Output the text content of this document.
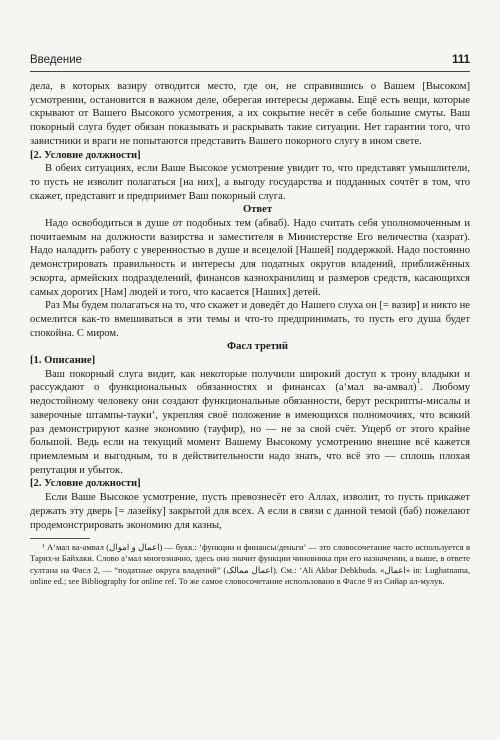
Введение	111

дела, в которых вазиру отводится место, где он, не справившись о Вашем [Высоком] усмотрении, остановится в важном деле, оберегая интересы державы. Ещё есть вещи, которые скрывают от Вашего Высокого усмотрения, а их сокрытие несёт в себе большие смуты. Ваш покорный слуга будет обязан показывать и раскрывать такие ситуации. Нет гарантии того, что завистники и враги не попытаются представить Вашего покорного слугу в ином свете.

[2. Условие должности]

В обеих ситуациях, если Ваше Высокое усмотрение увидит то, что представят умышлители, то пусть не изволит полагаться [на них], а выгоду государства и подданных сочтёт в том, что скажет, представит и предприимет Ваш покорный слуга.

Ответ

Надо освободиться в душе от подобных тем (абваб). Надо считать себя уполномоченным и почитаемым на должности вазирства и заместителя в Министерстве Его величества (хазрат). Надо наладить работу с уверенностью в душе и всецелой [Нашей] поддержкой. Надо постоянно демонстрировать правильность и интересы для податных округов владений, приближённых эскорта, армейских подразделений, финансов казнохранилищ и размеров средств, касающихся самых дорогих [Нам] людей и того, что касается [Наших] детей.

Раз Мы будем полагаться на то, что скажет и доведёт до Нашего слуха он [= вазир] и никто не осмелится как-то вмешиваться в эти темы и что-то предпринимать, то пусть его душа будет спокойна. С миром.

Фасл третий

[1. Описание]

Ваш покорный слуга видит, как некоторые получили широкий доступ к трону владыки и рассуждают о функциональных обязанностях и финансах (а‘мал ва-амвал)$^1$. Любому недостойному человеку они создают функциональные обязанности, берут рескрипты-мисалы и заверочные штампы-тауки‘, укрепляя своё положение в имеющихся полномочиях, что всякий раз демонстрируют казне экономию (тауфир), но — не за свой счёт. Ущерб от этого крайне большой. Ведь если на текущий момент Вашему Высокому усмотрению внешне всё кажется приемлемым и выгодным, то в действительности надо знать, что всё это — сплошь плохая репутация и убыток.

[2. Условие должности]

Если Ваше Высокое усмотрение, пусть превознесёт его Аллах, изволит, то пусть прикажет держать эту дверь [= лазейку] закрытой для всех. А если в связи с данной темой (баб) пожелают продемонстрировать экономию для казны,

¹ А‘мал ва-амвал (اعمال و اموال) — букв.: ‘функции и финансы/деньги’ — это словосочетание часто используется в Тарих-и Байхаки. Слово а‘мал многозначно, здесь оно значит функции чиновника при его назначении, а выше, в ответе султана на Фасл 2, — “податные округа владений” (اعمال ممالک). См.: ‘Ali Akbar Dehkhuda. «اعمال» in: Lughatnama, online ed.; see Bibliography for online ref. То же самое словосочетание использовано в Фасле 9 из Сийар ал-мулук.
